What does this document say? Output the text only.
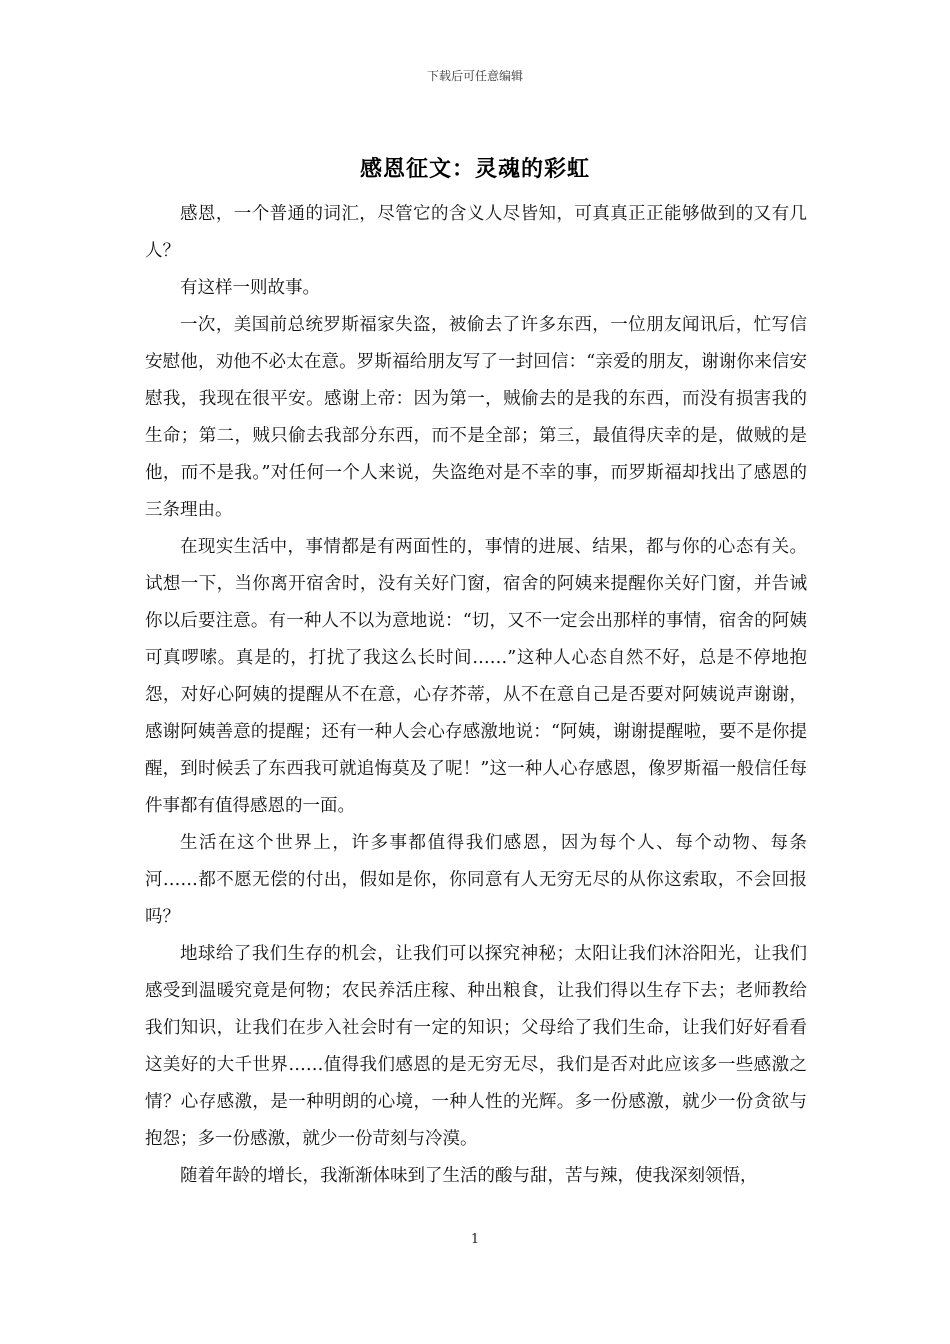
下载后可任意编辑
感恩征文：灵魂的彩虹

感恩，一个普通的词汇，尽管它的含义人尽皆知，可真真正正能够做到的又有几人？

有这样一则故事。

一次，美国前总统罗斯福家失盗，被偷去了许多东西，一位朋友闻讯后，忙写信安慰他，劝他不必太在意。罗斯福给朋友写了一封回信：“亲爱的朋友，谢谢你来信安慰我，我现在很平安。感谢上帝：因为第一，贼偷去的是我的东西，而没有损害我的生命；第二，贼只偷去我部分东西，而不是全部；第三，最值得庆幸的是，做贼的是他，而不是我。”对任何一个人来说，失盗绝对是不幸的事，而罗斯福却找出了感恩的三条理由。

在现实生活中，事情都是有两面性的，事情的进展、结果，都与你的心态有关。试想一下，当你离开宿舍时，没有关好门窗，宿舍的阿姨来提醒你关好门窗，并告诫你以后要注意。有一种人不以为意地说：“切，又不一定会出那样的事情，宿舍的阿姨可真啰嗦。真是的，打扰了我这么长时间……”这种人心态自然不好，总是不停地抱怨，对好心阿姨的提醒从不在意，心存芥蒂，从不在意自己是否要对阿姨说声谢谢，感谢阿姨善意的提醒；还有一种人会心存感激地说：“阿姨，谢谢提醒啦，要不是你提醒，到时候丢了东西我可就追悔莫及了呢！”这一种人心存感恩，像罗斯福一般信任每件事都有值得感恩的一面。

生活在这个世界上，许多事都值得我们感恩，因为每个人、每个动物、每条河……都不愿无偿的付出，假如是你，你同意有人无穷无尽的从你这索取，不会回报吗？

地球给了我们生存的机会，让我们可以探究神秘；太阳让我们沐浴阳光，让我们感受到温暖究竟是何物；农民养活庄稼、种出粮食，让我们得以生存下去；老师教给我们知识，让我们在步入社会时有一定的知识；父母给了我们生命，让我们好好看看这美好的大千世界……值得我们感恩的是无穷无尽，我们是否对此应该多一些感激之情？心存感激，是一种明朗的心境，一种人性的光辉。多一份感激，就少一份贪欲与抱怨；多一份感激，就少一份苛刻与冷漠。

随着年龄的增长，我渐渐体味到了生活的酸与甜，苦与辣，使我深刻领悟，

1
